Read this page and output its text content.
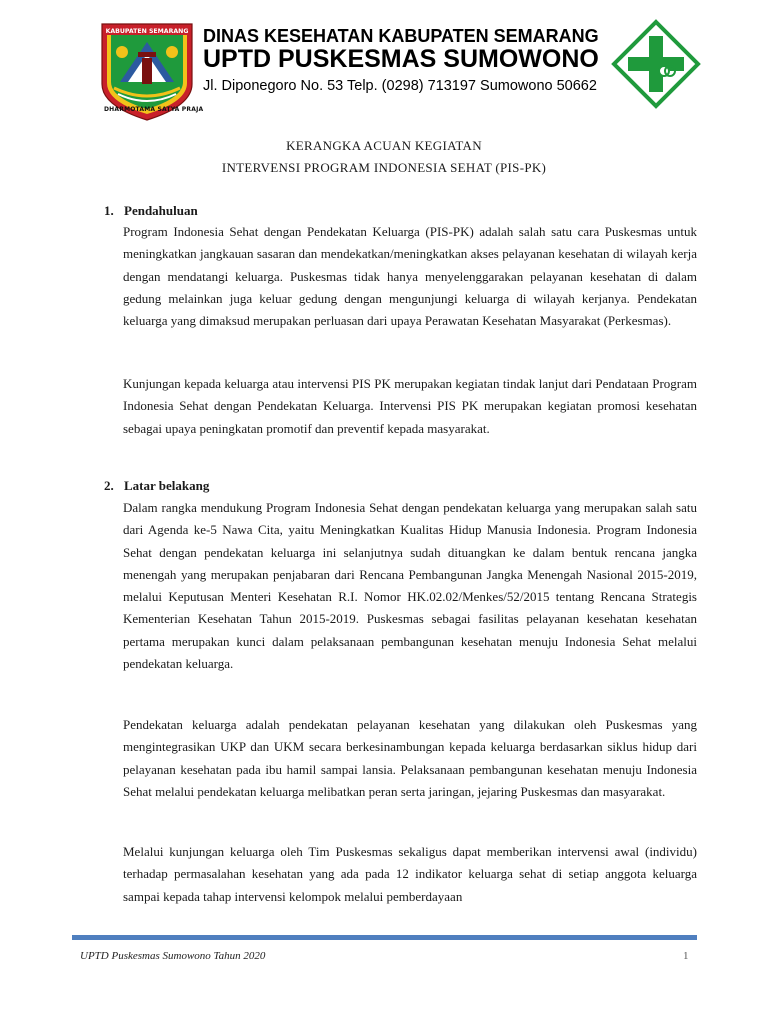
KABUPATEN SEMARANG
DHARMOTAMA SATYA PRAJA
DINAS KESEHATAN KABUPATEN SEMARANG
UPTD PUSKESMAS SUMOWONO
Jl. Diponegoro No. 53 Telp. (0298) 713197 Sumowono 50662
KERANGKA ACUAN KEGIATAN
INTERVENSI PROGRAM INDONESIA SEHAT (PIS-PK)
1. Pendahuluan
Program Indonesia Sehat dengan Pendekatan Keluarga (PIS-PK) adalah salah satu cara Puskesmas untuk meningkatkan jangkauan sasaran dan mendekatkan/meningkatkan akses pelayanan kesehatan di wilayah kerja dengan mendatangi keluarga. Puskesmas tidak hanya menyelenggarakan pelayanan kesehatan di dalam gedung melainkan juga keluar gedung dengan mengunjungi keluarga di wilayah kerjanya. Pendekatan keluarga yang dimaksud merupakan perluasan dari upaya Perawatan Kesehatan Masyarakat (Perkesmas).
Kunjungan kepada keluarga atau intervensi PIS PK merupakan kegiatan tindak lanjut dari Pendataan Program Indonesia Sehat dengan Pendekatan Keluarga. Intervensi PIS PK merupakan kegiatan promosi kesehatan sebagai upaya peningkatan promotif dan preventif kepada masyarakat.
2. Latar belakang
Dalam rangka mendukung Program Indonesia Sehat dengan pendekatan keluarga yang merupakan salah satu dari Agenda ke-5 Nawa Cita, yaitu Meningkatkan Kualitas Hidup Manusia Indonesia. Program Indonesia Sehat dengan pendekatan keluarga ini selanjutnya sudah dituangkan ke dalam bentuk rencana jangka menengah yang merupakan penjabaran dari Rencana Pembangunan Jangka Menengah Nasional 2015-2019, melalui Keputusan Menteri Kesehatan R.I. Nomor HK.02.02/Menkes/52/2015 tentang Rencana Strategis Kementerian Kesehatan Tahun 2015-2019. Puskesmas sebagai fasilitas pelayanan kesehatan kesehatan pertama merupakan kunci dalam pelaksanaan pembangunan kesehatan menuju Indonesia Sehat melalui pendekatan keluarga.
Pendekatan keluarga adalah pendekatan pelayanan kesehatan yang dilakukan oleh Puskesmas yang mengintegrasikan UKP dan UKM secara berkesinambungan kepada keluarga berdasarkan siklus hidup dari pelayanan kesehatan pada ibu hamil sampai lansia. Pelaksanaan pembangunan kesehatan menuju Indonesia Sehat melalui pendekatan keluarga melibatkan peran serta jaringan, jejaring Puskesmas dan masyarakat.
Melalui kunjungan keluarga oleh Tim Puskesmas sekaligus dapat memberikan intervensi awal (individu) terhadap permasalahan kesehatan yang ada pada 12 indikator keluarga sehat di setiap anggota keluarga sampai kepada tahap intervensi kelompok melalui pemberdayaan
UPTD Puskesmas Sumowono Tahun 2020	1
